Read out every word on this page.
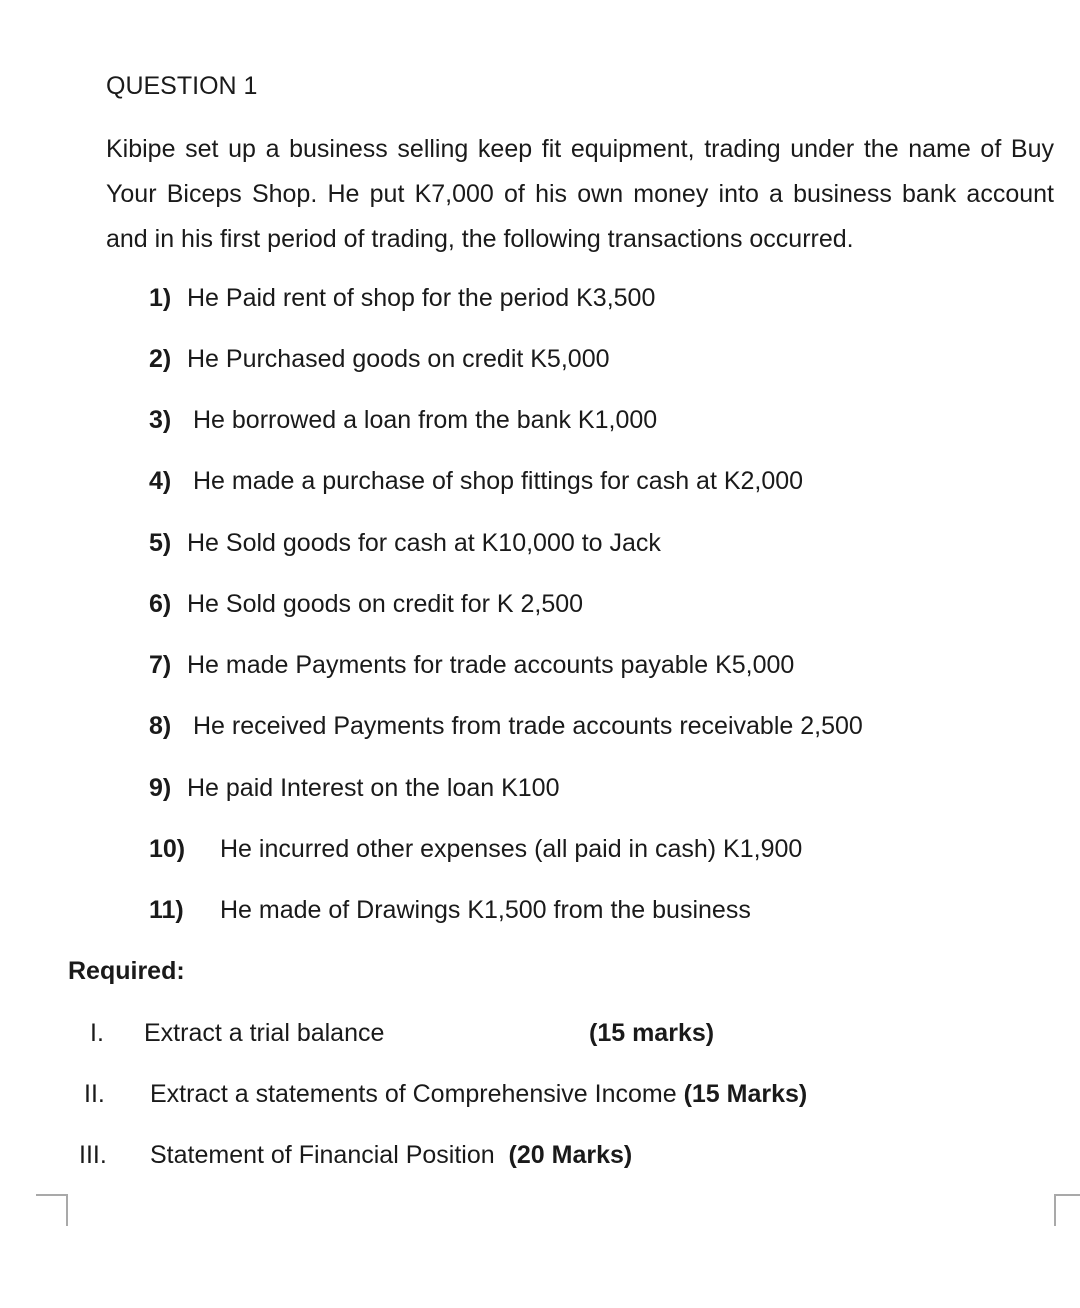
QUESTION 1
Kibipe set up a business selling keep fit equipment, trading under the name of Buy Your Biceps Shop. He put K7,000 of his own money into a business bank account and in his first period of trading, the following transactions occurred.
1) He Paid rent of shop for the period K3,500
2) He Purchased goods on credit K5,000
3) He borrowed a loan from the bank K1,000
4) He made a purchase of shop fittings for cash at K2,000
5) He Sold goods for cash at K10,000 to Jack
6) He Sold goods on credit for K 2,500
7) He made Payments for trade accounts payable K5,000
8) He received Payments from trade accounts receivable 2,500
9) He paid Interest on the loan K100
10) He incurred other expenses (all paid in cash) K1,900
11) He made of Drawings K1,500 from the business
Required:
I. Extract a trial balance	(15 marks)
II. Extract a statements of Comprehensive Income (15 Marks)
III. Statement of Financial Position (20 Marks)
